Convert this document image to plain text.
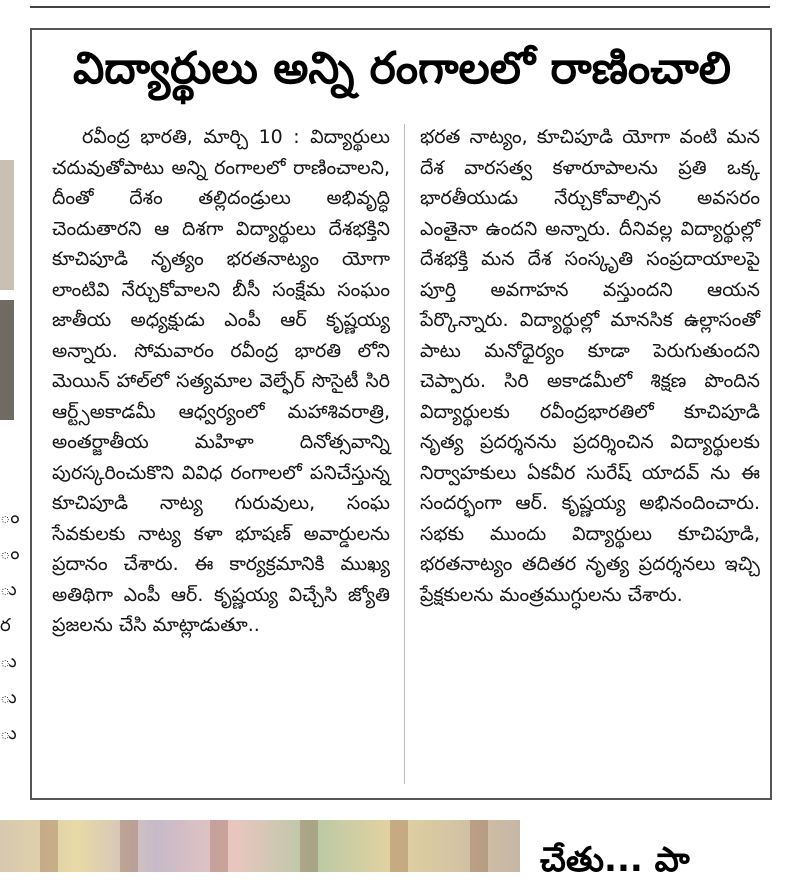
ం
ం
ు
ర
ు
ు
ు
విద్యార్థులు అన్ని రంగాలలో రాణించాలి
రవీంద్ర భారతి, మార్చి 10 : విద్యార్థులు చదువుతోపాటు అన్ని రంగాలలో రాణించాలని, దీంతో దేశం తల్లిదండ్రులు అభివృద్ధి చెందుతారని ఆ దిశగా విద్యార్థులు దేశభక్తిని కూచిపూడి నృత్యం భరతనాట్యం యోగా లాంటివి నేర్చుకోవాలని బీసీ సంక్షేమ సంఘం జాతీయ అధ్యక్షుడు ఎంపీ ఆర్ కృష్ణయ్య అన్నారు. సోమవారం రవీంద్ర భారతి లోని మెయిన్ హాల్‌లో సత్యమాల వెల్ఫేర్ సొసైటీ సిరి ఆర్ట్స్‌అకాడమీ ఆధ్వర్యంలో మహాశివరాత్రి, అంతర్జాతీయ మహిళా దినోత్సవాన్ని పురస్కరించుకొని వివిధ రంగాలలో పనిచేస్తున్న కూచిపూడి నాట్య గురువులు, సంఘ సేవకులకు నాట్య కళా భూషణ్ అవార్డులను ప్రదానం చేశారు. ఈ కార్యక్రమానికి ముఖ్య అతిథిగా ఎంపీ ఆర్. కృష్ణయ్య విచ్చేసి జ్యోతి ప్రజలను చేసి మాట్లాడుతూ..
భరత నాట్యం, కూచిపూడి యోగా వంటి మన దేశ వారసత్వ కళారూపాలను ప్రతి ఒక్క భారతీయుడు నేర్చుకోవాల్సిన అవసరం ఎంతైనా ఉందని అన్నారు. దీనివల్ల విద్యార్థుల్లో దేశభక్తి మన దేశ సంస్కృతి సంప్రదాయాలపై పూర్తి అవగాహన వస్తుందని ఆయన పేర్కొన్నారు. విద్యార్థుల్లో మానసిక ఉల్లాసంతో పాటు మనోధైర్యం కూడా పెరుగుతుందని చెప్పారు. సిరి అకాడమీలో శిక్షణ పొందిన విద్యార్థులకు రవీంద్రభారతిలో కూచిపూడి నృత్య ప్రదర్శనను ప్రదర్శించిన విద్యార్థులకు నిర్వాహకులు ఏకవీర సురేష్ యాదవ్ ను ఈ సందర్భంగా ఆర్. కృష్ణయ్య అభినందించారు. సభకు ముందు విద్యార్థులు కూచిపూడి, భరతనాట్యం తదితర నృత్య ప్రదర్శనలు ఇచ్చి ప్రేక్షకులను మంత్రముగ్ధులను చేశారు.
చేతు... పా
